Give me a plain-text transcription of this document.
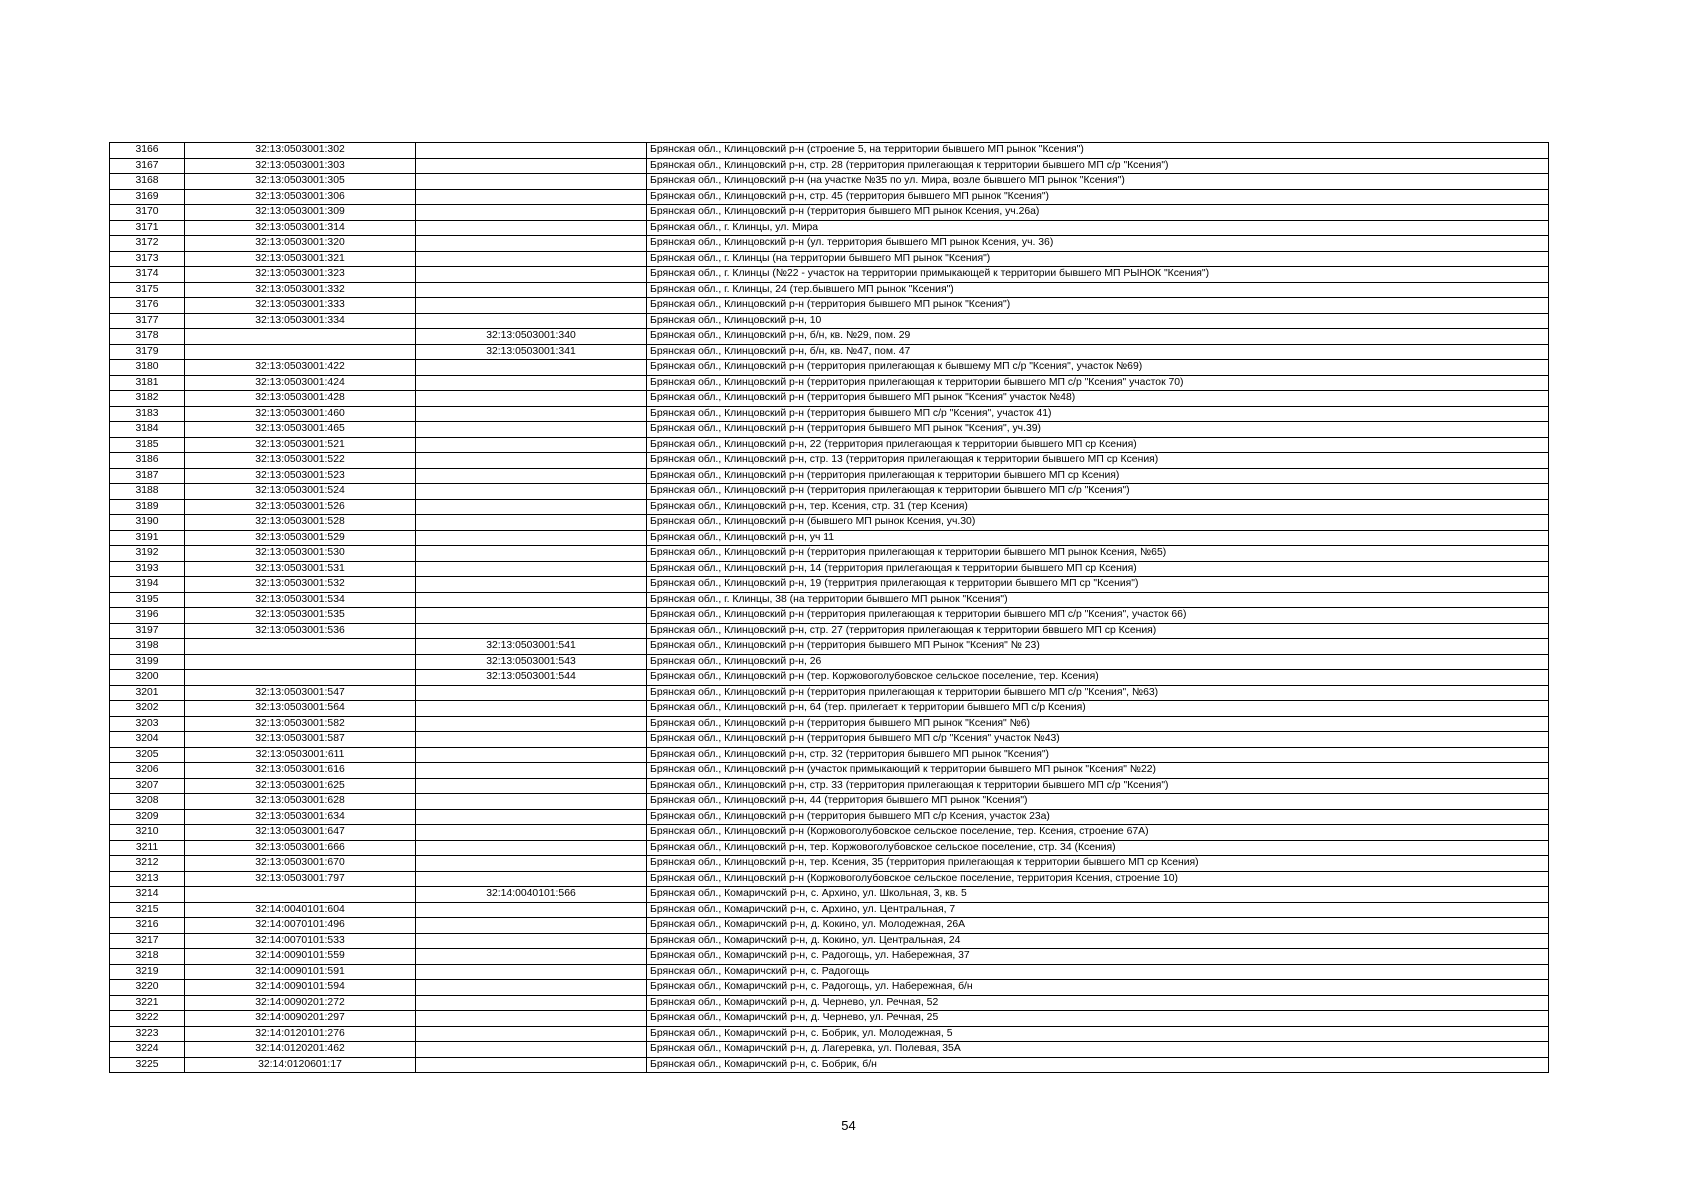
3166	32:13:0503001:302		Брянская обл., Клинцовский р-н (строение 5, на территории бывшего МП рынок "Ксения")
3167	32:13:0503001:303		Брянская обл., Клинцовский р-н, стр. 28 (территория прилегающая к территории бывшего МП с/р "Ксения")
3168	32:13:0503001:305		Брянская обл., Клинцовский р-н (на участке №35 по ул. Мира, возле бывшего МП рынок "Ксения")
3169	32:13:0503001:306		Брянская обл., Клинцовский р-н, стр. 45 (территория бывшего МП рынок "Ксения")
3170	32:13:0503001:309		Брянская обл., Клинцовский р-н (территория бывшего МП рынок Ксения, уч.26а)
3171	32:13:0503001:314		Брянская обл., г. Клинцы, ул. Мира
3172	32:13:0503001:320		Брянская обл., Клинцовский р-н (ул. территория бывшего МП рынок Ксения, уч. 36)
3173	32:13:0503001:321		Брянская обл., г. Клинцы (на территории бывшего МП рынок "Ксения")
3174	32:13:0503001:323		Брянская обл., г. Клинцы (№22 - участок на территории примыкающей к территории бывшего МП РЫНОК "Ксения")
3175	32:13:0503001:332		Брянская обл., г. Клинцы, 24 (тер.бывшего МП рынок "Ксения")
3176	32:13:0503001:333		Брянская обл., Клинцовский р-н (территория бывшего МП рынок "Ксения")
3177	32:13:0503001:334		Брянская обл., Клинцовский р-н, 10
3178		32:13:0503001:340	Брянская обл., Клинцовский р-н, б/н, кв. №29, пом. 29
3179		32:13:0503001:341	Брянская обл., Клинцовский р-н, б/н, кв. №47, пом. 47
3180	32:13:0503001:422		Брянская обл., Клинцовский р-н (территория прилегающая к бывшему МП с/р "Ксения", участок №69)
3181	32:13:0503001:424		Брянская обл., Клинцовский р-н (территория прилегающая к территории бывшего МП с/р "Ксения" участок 70)
3182	32:13:0503001:428		Брянская обл., Клинцовский р-н (территория бывшего МП рынок "Ксения" участок №48)
3183	32:13:0503001:460		Брянская обл., Клинцовский р-н (территория бывшего МП с/р "Ксения", участок 41)
3184	32:13:0503001:465		Брянская обл., Клинцовский р-н (территория бывшего МП рынок "Ксения", уч.39)
3185	32:13:0503001:521		Брянская обл., Клинцовский р-н, 22 (территория прилегающая к территории бывшего МП ср Ксения)
3186	32:13:0503001:522		Брянская обл., Клинцовский р-н, стр. 13 (территория прилегающая к территории бывшего МП ср Ксения)
3187	32:13:0503001:523		Брянская обл., Клинцовский р-н (территория прилегающая к территории бывшего МП ср Ксения)
3188	32:13:0503001:524		Брянская обл., Клинцовский р-н (территория прилегающая к территории бывшего МП с/р "Ксения")
3189	32:13:0503001:526		Брянская обл., Клинцовский р-н, тер. Ксения, стр. 31 (тер Ксения)
3190	32:13:0503001:528		Брянская обл., Клинцовский р-н (бывшего МП рынок Ксения, уч.30)
3191	32:13:0503001:529		Брянская обл., Клинцовский р-н, уч 11
3192	32:13:0503001:530		Брянская обл., Клинцовский р-н (территория прилегающая к территории бывшего МП рынок Ксения, №65)
3193	32:13:0503001:531		Брянская обл., Клинцовский р-н, 14 (территория прилегающая к территории бывшего МП ср Ксения)
3194	32:13:0503001:532		Брянская обл., Клинцовский р-н, 19 (территрия прилегающая к территории бывшего МП ср "Ксения")
3195	32:13:0503001:534		Брянская обл., г. Клинцы, 38 (на территории бывшего МП рынок "Ксения")
3196	32:13:0503001:535		Брянская обл., Клинцовский р-н (территория прилегающая к территории бывшего МП с/р "Ксения", участок 66)
3197	32:13:0503001:536		Брянская обл., Клинцовский р-н, стр. 27 (территория прилегающая к территории бввшего МП ср Ксения)
3198		32:13:0503001:541	Брянская обл., Клинцовский р-н (территория бывшего МП Рынок "Ксения" № 23)
3199		32:13:0503001:543	Брянская обл., Клинцовский р-н, 26
3200		32:13:0503001:544	Брянская обл., Клинцовский р-н (тер. Коржовоголубовское сельское поселение, тер. Ксения)
3201	32:13:0503001:547		Брянская обл., Клинцовский р-н (территория прилегающая к территории бывшего МП с/р "Ксения", №63)
3202	32:13:0503001:564		Брянская обл., Клинцовский р-н, 64 (тер. прилегает к территории бывшего МП с/р Ксения)
3203	32:13:0503001:582		Брянская обл., Клинцовский р-н (территория бывшего МП рынок "Ксения" №6)
3204	32:13:0503001:587		Брянская обл., Клинцовский р-н (территория бывшего МП с/р "Ксения" участок №43)
3205	32:13:0503001:611		Брянская обл., Клинцовский р-н, стр. 32 (территория бывшего МП рынок "Ксения")
3206	32:13:0503001:616		Брянская обл., Клинцовский р-н (участок примыкающий к территории бывшего МП рынок "Ксения" №22)
3207	32:13:0503001:625		Брянская обл., Клинцовский р-н, стр. 33 (территория прилегающая к территории бывшего МП с/р "Ксения")
3208	32:13:0503001:628		Брянская обл., Клинцовский р-н, 44 (территория бывшего МП рынок "Ксения")
3209	32:13:0503001:634		Брянская обл., Клинцовский р-н (территория бывшего МП с/р Ксения, участок 23а)
3210	32:13:0503001:647		Брянская обл., Клинцовский р-н (Коржовоголубовское сельское поселение, тер. Ксения, строение 67А)
3211	32:13:0503001:666		Брянская обл., Клинцовский р-н, тер. Коржовоголубовское сельское поселение, стр. 34 (Ксения)
3212	32:13:0503001:670		Брянская обл., Клинцовский р-н, тер. Ксения, 35 (территория прилегающая к территории бывшего МП ср Ксения)
3213	32:13:0503001:797		Брянская обл., Клинцовский р-н (Коржовоголубовское сельское поселение, территория Ксения, строение 10)
3214		32:14:0040101:566	Брянская обл., Комаричский р-н, с. Архино, ул. Школьная, 3, кв. 5
3215	32:14:0040101:604		Брянская обл., Комаричский р-н, с. Архино, ул. Центральная, 7
3216	32:14:0070101:496		Брянская обл., Комаричский р-н, д. Кокино, ул. Молодежная, 26А
3217	32:14:0070101:533		Брянская обл., Комаричский р-н, д. Кокино, ул. Центральная, 24
3218	32:14:0090101:559		Брянская обл., Комаричский р-н, с. Радогощь, ул. Набережная, 37
3219	32:14:0090101:591		Брянская обл., Комаричский р-н, с. Радогощь
3220	32:14:0090101:594		Брянская обл., Комаричский р-н, с. Радогощь, ул. Набережная, б/н
3221	32:14:0090201:272		Брянская обл., Комаричский р-н, д. Чернево, ул. Речная, 52
3222	32:14:0090201:297		Брянская обл., Комаричский р-н, д. Чернево, ул. Речная, 25
3223	32:14:0120101:276		Брянская обл., Комаричский р-н, с. Бобрик, ул. Молодежная, 5
3224	32:14:0120201:462		Брянская обл., Комаричский р-н, д. Лагеревка, ул. Полевая, 35А
3225	32:14:0120601:17		Брянская обл., Комаричский р-н, с. Бобрик, б/н
54
